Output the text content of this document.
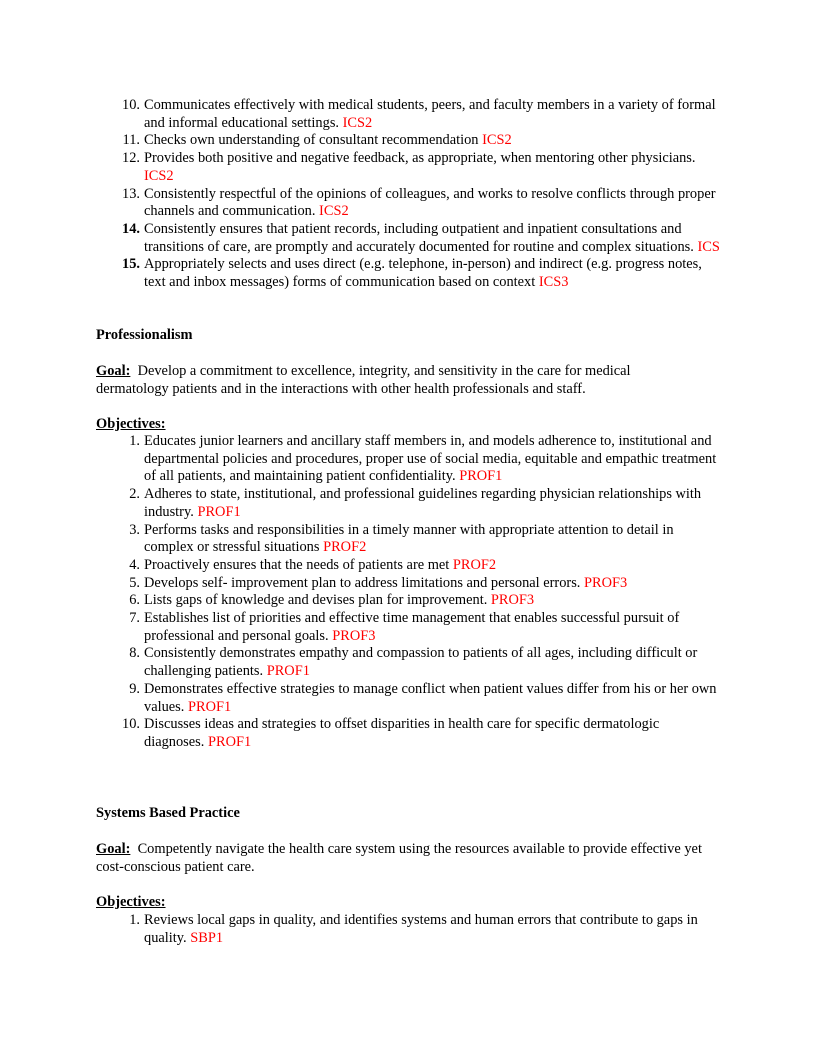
10. Communicates effectively with medical students, peers, and faculty members in a variety of formal and informal educational settings. ICS2
11. Checks own understanding of consultant recommendation ICS2
12. Provides both positive and negative feedback, as appropriate, when mentoring other physicians. ICS2
13. Consistently respectful of the opinions of colleagues, and works to resolve conflicts through proper channels and communication. ICS2
14. Consistently ensures that patient records, including outpatient and inpatient consultations and transitions of care, are promptly and accurately documented for routine and complex situations. ICS
15. Appropriately selects and uses direct (e.g. telephone, in-person) and indirect (e.g. progress notes, text and inbox messages) forms of communication based on context ICS3
Professionalism
Goal: Develop a commitment to excellence, integrity, and sensitivity in the care for medical dermatology patients and in the interactions with other health professionals and staff.
Objectives:
1. Educates junior learners and ancillary staff members in, and models adherence to, institutional and departmental policies and procedures, proper use of social media, equitable and empathic treatment of all patients, and maintaining patient confidentiality. PROF1
2. Adheres to state, institutional, and professional guidelines regarding physician relationships with industry. PROF1
3. Performs tasks and responsibilities in a timely manner with appropriate attention to detail in complex or stressful situations PROF2
4. Proactively ensures that the needs of patients are met PROF2
5. Develops self- improvement plan to address limitations and personal errors. PROF3
6. Lists gaps of knowledge and devises plan for improvement. PROF3
7. Establishes list of priorities and effective time management that enables successful pursuit of professional and personal goals. PROF3
8. Consistently demonstrates empathy and compassion to patients of all ages, including difficult or challenging patients. PROF1
9. Demonstrates effective strategies to manage conflict when patient values differ from his or her own values. PROF1
10. Discusses ideas and strategies to offset disparities in health care for specific dermatologic diagnoses. PROF1
Systems Based Practice
Goal: Competently navigate the health care system using the resources available to provide effective yet cost-conscious patient care.
Objectives:
1. Reviews local gaps in quality, and identifies systems and human errors that contribute to gaps in quality. SBP1
